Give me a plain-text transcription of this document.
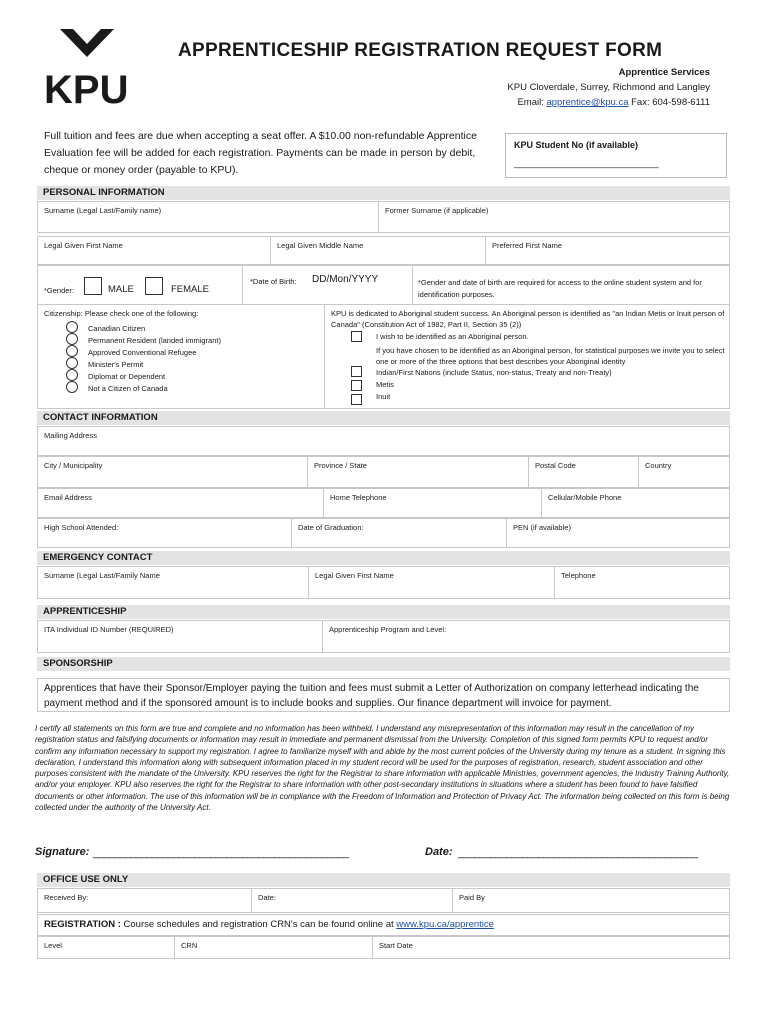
KPU
APPRENTICESHIP REGISTRATION REQUEST FORM
Apprentice Services
KPU Cloverdale, Surrey, Richmond and Langley
Email: apprentice@kpu.ca Fax: 604-598-6111
Full tuition and fees are due when accepting a seat offer. A $10.00 non-refundable Apprentice Evaluation fee will be added for each registration. Payments can be made in person by debit, cheque or money order (payable to KPU).
KPU Student No (if available)
________________________________
PERSONAL INFORMATION
Surname (Legal Last/Family name)	Former Surname (if applicable)
Legal Given First Name	Legal Given Middle Name	Preferred First Name

*Gender:	MALE	FEMALE
*Date of Birth: DD/Mon/YYYY	*Gender and date of birth are required for access to the online student system and for identification purposes.

Citizenship: Please check one of the following:
Canadian Citizen
Permanent Resident (landed immigrant)
Approved Conventional Refugee
Minister's Permit
Diplomat or Dependent
Not a Citizen of Canada
KPU is dedicated to Aboriginal student success. An Aboriginal person is identified as "an Indian Metis or Inuit person of Canada" (Constitution Act of 1982, Part II, Section 35 (2))
I wish to be identified as an Aboriginal person.
If you have chosen to be identified as an Aboriginal person, for statistical purposes we invite you to select one or more of the three options that best describes your Aboriginal identity
Indian/First Nations (include Status, non-status, Treaty and non-Treaty)
Metis
Inuit
CONTACT INFORMATION
Mailing Address
City / Municipality	Province / State	Postal Code	Country
Email Address	Home Telephone	Cellular/Mobile Phone
High School Attended:	Date of Graduation:	PEN (if available)
EMERGENCY CONTACT
Surname (Legal Last/Family Name	Legal Given First Name	Telephone
APPRENTICESHIP
ITA Individual ID Number (REQUIRED)	Apprenticeship Program and Level:
SPONSORSHIP
Apprentices that have their Sponsor/Employer paying the tuition and fees must submit a Letter of Authorization on company letterhead indicating the payment method and if the sponsored amount is to include books and supplies. Our finance department will invoice for payment.
I certify all statements on this form are true and complete and no information has been withheld. I understand any misrepresentation of this information may result in the cancellation of my registration status and falsifying documents or information may result in immediate and permanent dismissal from the University. Completion of this signed form permits KPU to request and/or confirm any information necessary to support my registration. I agree to familiarize myself with and abide by the most current policies of the University during my tenure as a student. In signing this declaration, I understand this information along with subsequent information placed in my student record will be used for the purposes of registration, research, student association and other purposes consistent with the mandate of the University. KPU reserves the right for the Registrar to share information with applicable Ministries, government agencies, the Industry Training Authority, and/or your employer. KPU also reserves the right for the Registrar to share information with other post-secondary institutions in situations where a student has been found to have falsified documents or other information. The use of this information will be in compliance with the Freedom of Information and Protection of Privacy Act. The information being collected on this form is being collected under the authority of the University Act.
Signature: ________________________________________________	Date: _____________________________________________
OFFICE USE ONLY
Received By:	Date:	Paid By
REGISTRATION : Course schedules and registration CRN's can be found online at www.kpu.ca/apprentice
Level	CRN	Start Date
